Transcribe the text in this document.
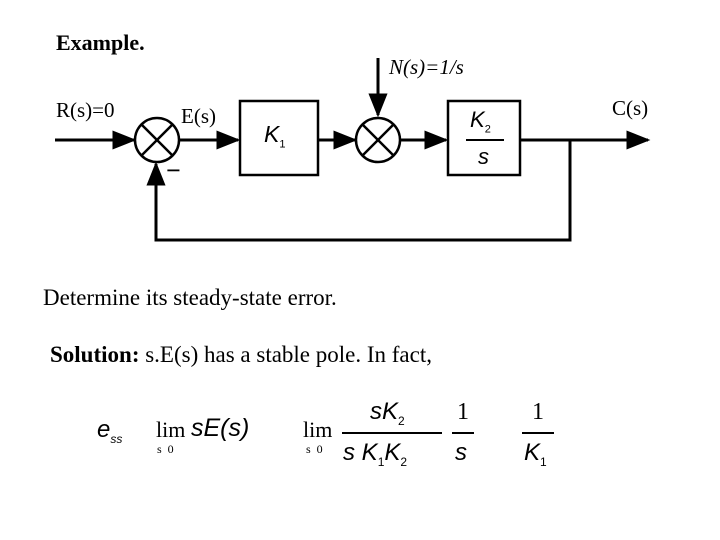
Example.
R(s)=0	E(s)
−
N(s)=1/s
C(s)
$K_1$
$K_2$
s
Determine its steady-state error.
Solution: s.E(s) has a stable pole. In fact,
$e_{ss}$ lim
s 0
sE(s) lim
s 0
$sK_2$
s $K_1K_2$
1
s
1
$K_1$
